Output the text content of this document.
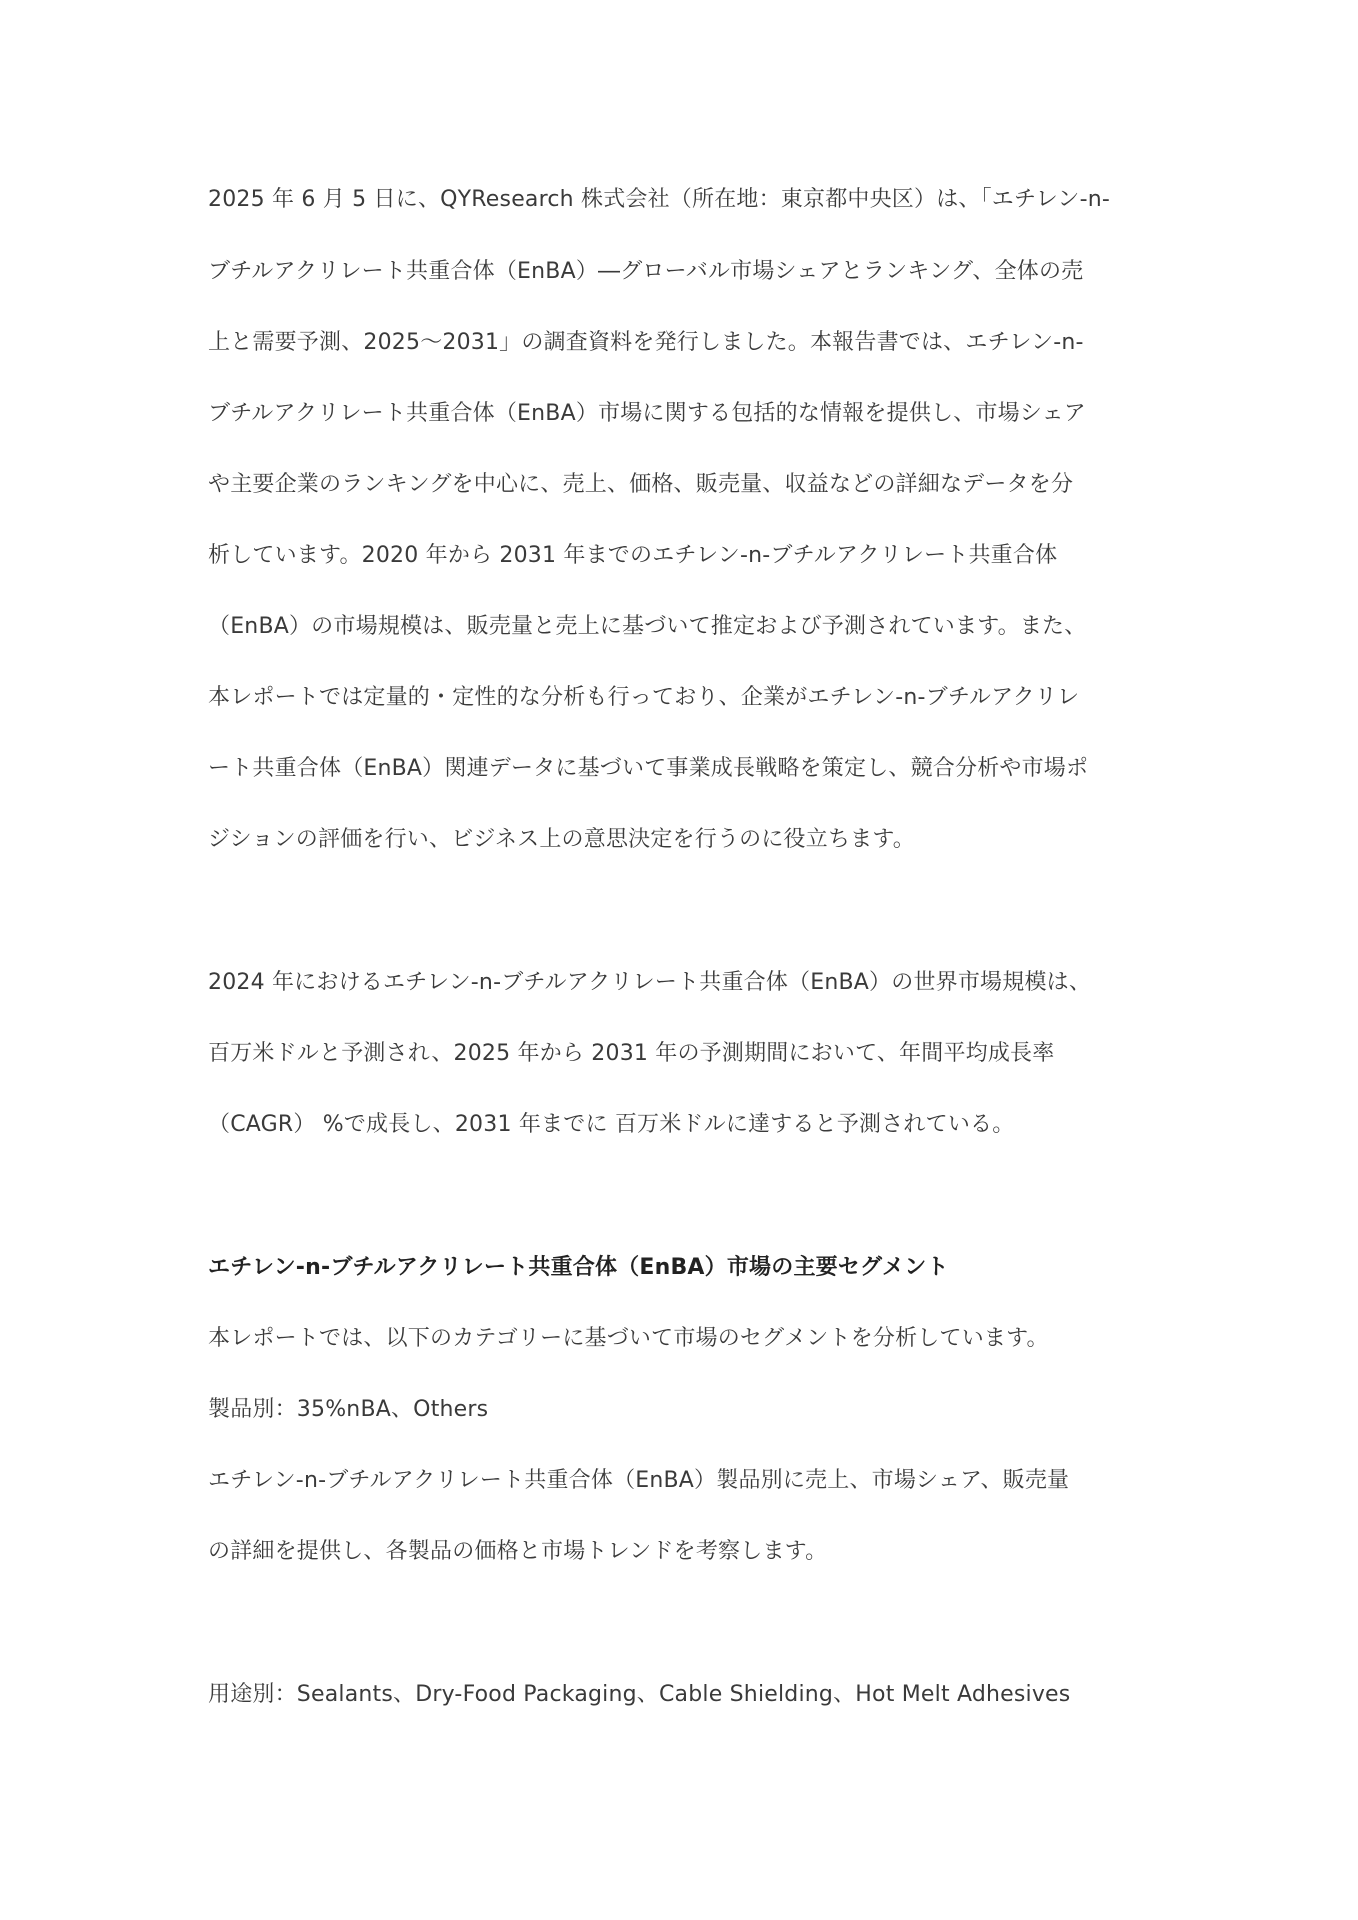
2025 年 6 月 5 日に、QYResearch 株式会社（所在地：東京都中央区）は、「エチレン-n-
ブチルアクリレート共重合体（EnBA）―グローバル市場シェアとランキング、全体の売
上と需要予測、2025～2031」の調査資料を発行しました。本報告書では、エチレン-n-
ブチルアクリレート共重合体（EnBA）市場に関する包括的な情報を提供し、市場シェア
や主要企業のランキングを中心に、売上、価格、販売量、収益などの詳細なデータを分
析しています。2020 年から 2031 年までのエチレン-n-ブチルアクリレート共重合体
（EnBA）の市場規模は、販売量と売上に基づいて推定および予測されています。また、
本レポートでは定量的・定性的な分析も行っており、企業がエチレン-n-ブチルアクリレ
ート共重合体（EnBA）関連データに基づいて事業成長戦略を策定し、競合分析や市場ポ
ジションの評価を行い、ビジネス上の意思決定を行うのに役立ちます。
2024 年におけるエチレン-n-ブチルアクリレート共重合体（EnBA）の世界市場規模は、
百万米ドルと予測され、2025 年から 2031 年の予測期間において、年間平均成長率
（CAGR） %で成長し、2031 年までに 百万米ドルに達すると予測されている。
エチレン-n-ブチルアクリレート共重合体（EnBA）市場の主要セグメント
本レポートでは、以下のカテゴリーに基づいて市場のセグメントを分析しています。
製品別：35%nBA、Others
エチレン-n-ブチルアクリレート共重合体（EnBA）製品別に売上、市場シェア、販売量
の詳細を提供し、各製品の価格と市場トレンドを考察します。
用途別：Sealants、Dry-Food Packaging、Cable Shielding、Hot Melt Adhesives
